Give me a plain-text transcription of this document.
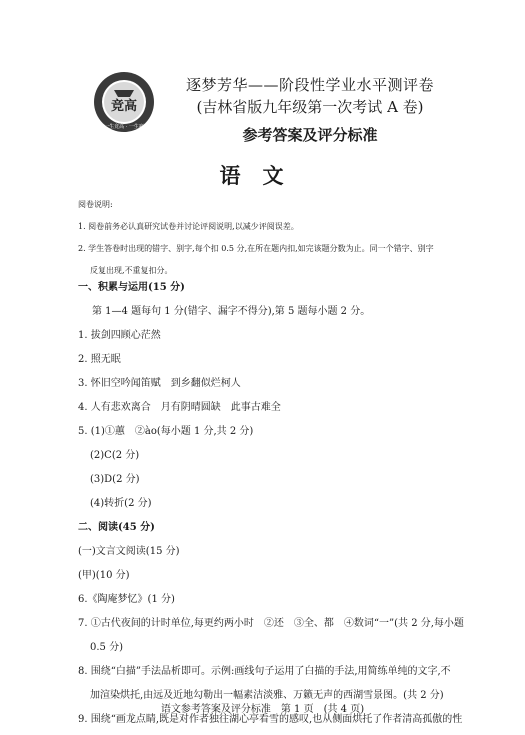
竞高
一生竞高 · 一生赢
逐梦芳华——阶段性学业水平测评卷
(吉林省版九年级第一次考试 A 卷)
参考答案及评分标准
语文
阅卷说明:
1. 阅卷前务必认真研究试卷并讨论评阅说明,以减少评阅误差。
2. 学生答卷时出现的错字、别字,每个扣 0.5 分,在所在题内扣,如完该题分数为止。同一个错字、别字
反复出现,不重复扣分。
一、积累与运用(15 分)
第 1—4 题每句 1 分(错字、漏字不得分),第 5 题每小题 2 分。
1. 拔剑四顾心茫然
2. 照无眠
3. 怀旧空吟闻笛赋　到乡翻似烂柯人
4. 人有悲欢离合　月有阴晴圆缺　此事古难全
5. (1)①蕙　②ào(每小题 1 分,共 2 分)
(2)C(2 分)
(3)D(2 分)
(4)转折(2 分)
二、阅读(45 分)
(一)文言文阅读(15 分)
(甲)(10 分)
6.《陶庵梦忆》(1 分)
7. ①古代夜间的计时单位,每更约两小时　②还　③全、都　④数词“一”(共 2 分,每小题
0.5 分)
8. 围绕“白描”手法品析即可。示例:画线句子运用了白描的手法,用简练单纯的文字,不
加渲染烘托,由远及近地勾勒出一幅素洁淡雅、万籁无声的西湖雪景图。(共 2 分)
9. 围绕“画龙点睛,既是对作者独往湖心亭看雪的感叹,也从侧面烘托了作者清高孤傲的性
语文参考答案及评分标准　第 1 页　(共 4 页)
